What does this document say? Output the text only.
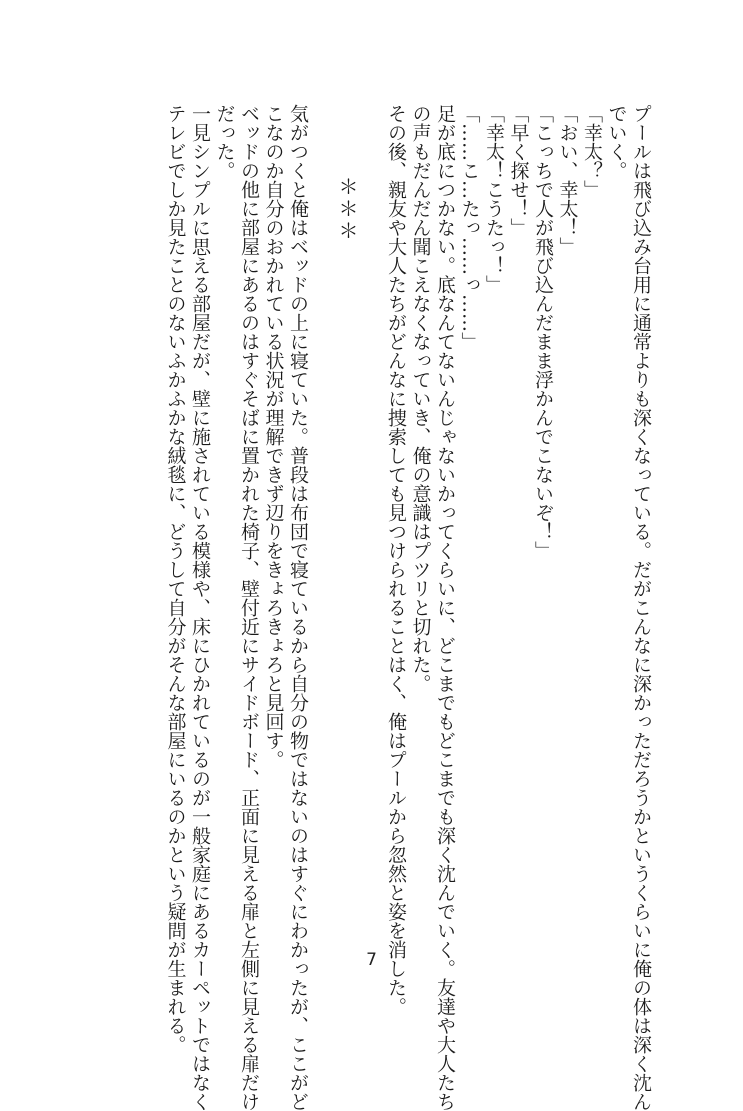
プールは飛び込み台用に通常よりも深くなっている。だがこんなに深かっただろうかというくらいに俺の体は深く沈ん
でいく。
「幸太？」
「おい、幸太！」
「こっちで人が飛び込んだまま浮かんでこないぞ！」
「早く探せ！」
「幸太！こうたっ！」
「……こ…たっ……っ……」
足が底につかない。底なんてないんじゃないかってくらいに、どこまでもどこまでも深く沈んでいく。友達や大人たち
の声もだんだん聞こえなくなっていき、俺の意識はプツリと切れた。
その後、親友や大人たちがどんなに捜索しても見つけられることはく、俺はプールから忽然と姿を消した。
＊＊＊
気がつくと俺はベッドの上に寝ていた。普段は布団で寝ているから自分の物ではないのはすぐにわかったが、ここがど
こなのか自分のおかれている状況が理解できず辺りをきょろきょろと見回す。
ベッドの他に部屋にあるのはすぐそばに置かれた椅子、壁付近にサイドボード、正面に見える扉と左側に見える扉だけ
だった。
一見シンプルに思える部屋だが、壁に施されている模様や、床にひかれているのが一般家庭にあるカーペットではなく
テレビでしか見たことのないふかふかな絨毯に、どうして自分がそんな部屋にいるのかという疑問が生まれる。	7
